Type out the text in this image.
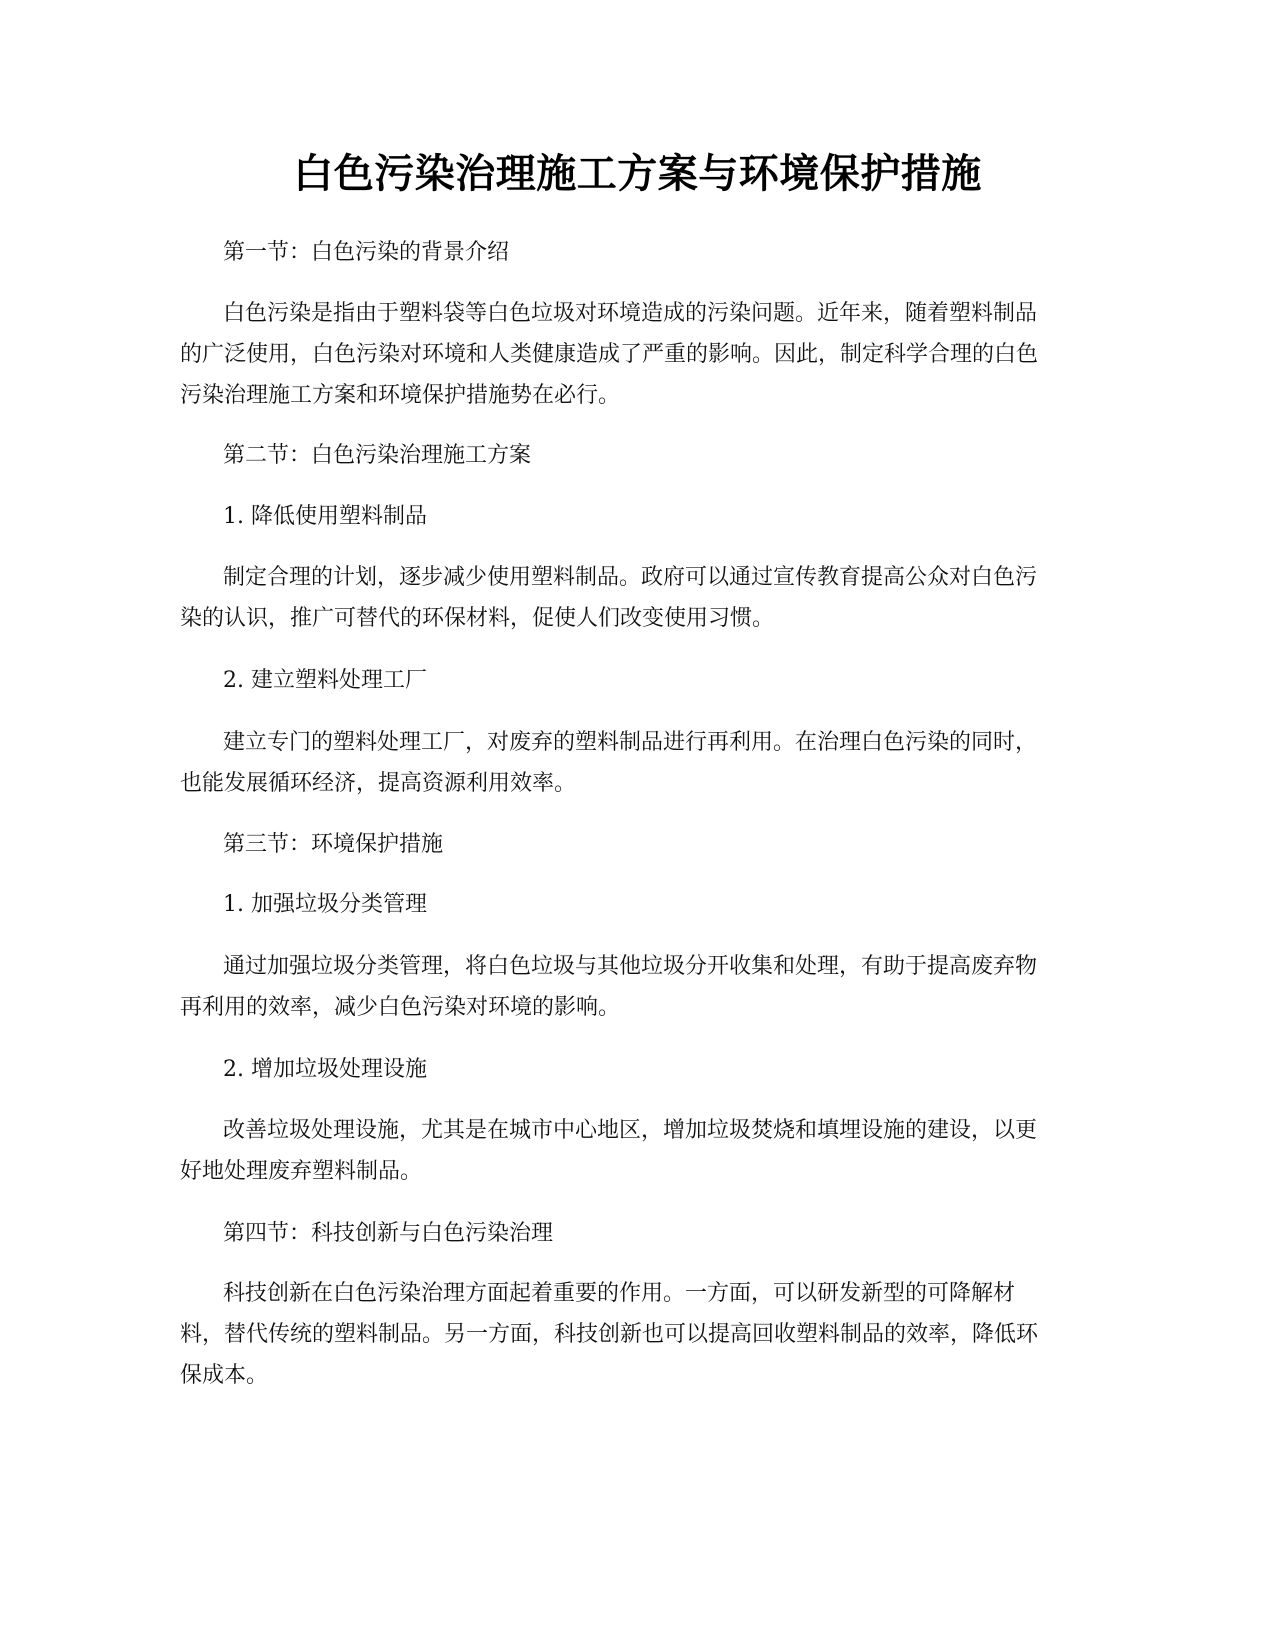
白色污染治理施工方案与环境保护措施

第一节：白色污染的背景介绍

白色污染是指由于塑料袋等白色垃圾对环境造成的污染问题。近年来，随着塑料制品的广泛使用，白色污染对环境和人类健康造成了严重的影响。因此，制定科学合理的白色污染治理施工方案和环境保护措施势在必行。

第二节：白色污染治理施工方案

1. 降低使用塑料制品

制定合理的计划，逐步减少使用塑料制品。政府可以通过宣传教育提高公众对白色污染的认识，推广可替代的环保材料，促使人们改变使用习惯。

2. 建立塑料处理工厂

建立专门的塑料处理工厂，对废弃的塑料制品进行再利用。在治理白色污染的同时，也能发展循环经济，提高资源利用效率。

第三节：环境保护措施

1. 加强垃圾分类管理

通过加强垃圾分类管理，将白色垃圾与其他垃圾分开收集和处理，有助于提高废弃物再利用的效率，减少白色污染对环境的影响。

2. 增加垃圾处理设施

改善垃圾处理设施，尤其是在城市中心地区，增加垃圾焚烧和填埋设施的建设，以更好地处理废弃塑料制品。

第四节：科技创新与白色污染治理

科技创新在白色污染治理方面起着重要的作用。一方面，可以研发新型的可降解材料，替代传统的塑料制品。另一方面，科技创新也可以提高回收塑料制品的效率，降低环保成本。
